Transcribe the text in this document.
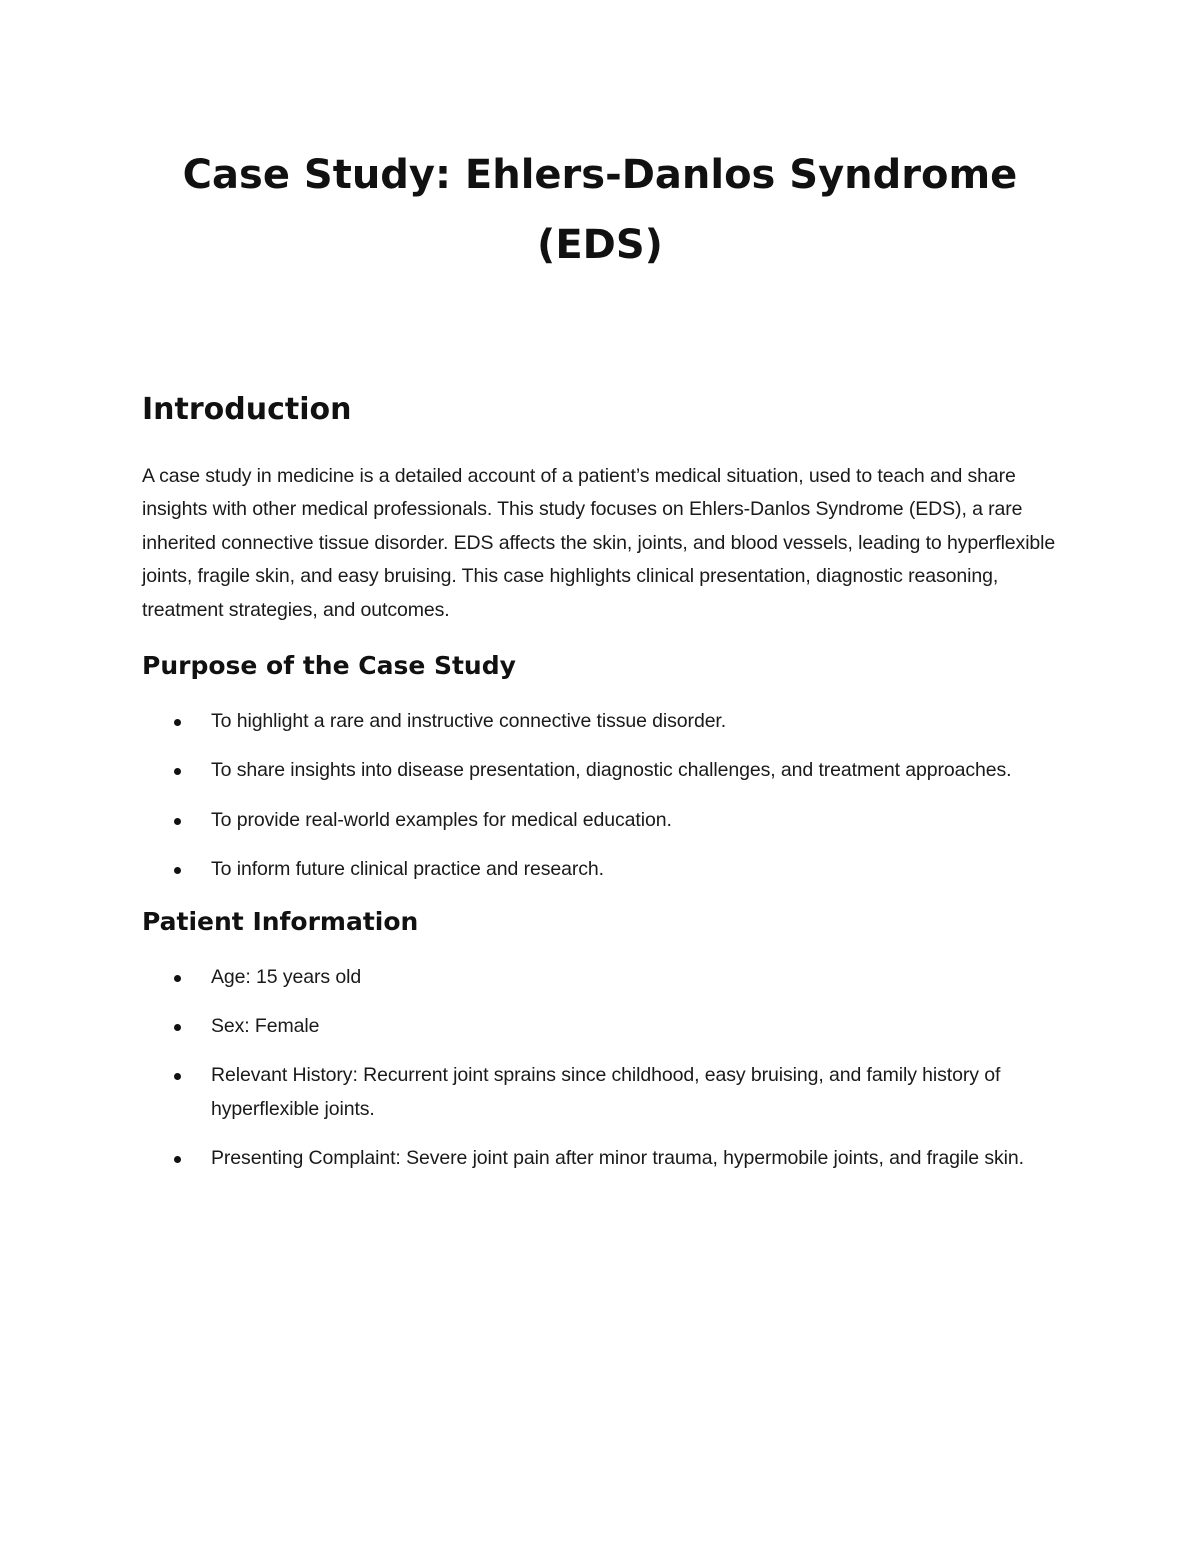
Case Study: Ehlers-Danlos Syndrome (EDS)
Introduction

A case study in medicine is a detailed account of a patient’s medical situation, used to teach and share insights with other medical professionals. This study focuses on Ehlers-Danlos Syndrome (EDS), a rare inherited connective tissue disorder. EDS affects the skin, joints, and blood vessels, leading to hyperflexible joints, fragile skin, and easy bruising. This case highlights clinical presentation, diagnostic reasoning, treatment strategies, and outcomes.

Purpose of the Case Study
To highlight a rare and instructive connective tissue disorder.
To share insights into disease presentation, diagnostic challenges, and treatment approaches.
To provide real-world examples for medical education.
To inform future clinical practice and research.
Patient Information
Age: 15 years old
Sex: Female
Relevant History: Recurrent joint sprains since childhood, easy bruising, and family history of hyperflexible joints.
Presenting Complaint: Severe joint pain after minor trauma, hypermobile joints, and fragile skin.
